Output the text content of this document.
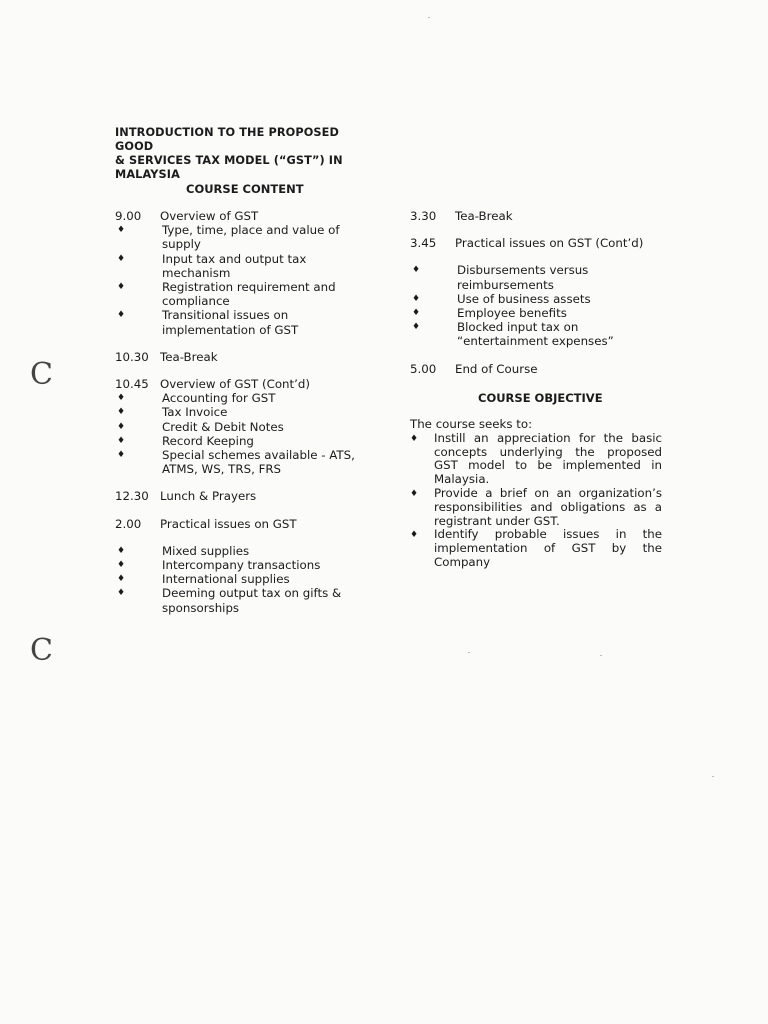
INTRODUCTION TO THE PROPOSED GOOD
& SERVICES TAX MODEL (“GST”) IN
MALAYSIA
COURSE CONTENT
9.00	Overview of GST
♦	Type, time, place and value of supply
♦	Input tax and output tax mechanism
♦	Registration requirement and compliance
♦	Transitional issues on implementation of GST
10.30 Tea-Break
10.45 Overview of GST (Cont’d)
♦	Accounting for GST
♦	Tax Invoice
♦	Credit & Debit Notes
♦	Record Keeping
♦	Special schemes available - ATS, ATMS, WS, TRS, FRS
12.30 Lunch & Prayers
2.00	Practical issues on GST
♦	Mixed supplies
♦	Intercompany transactions
♦	International supplies
♦	Deeming output tax on gifts & sponsorships
3.30	Tea-Break
3.45	Practical issues on GST (Cont’d)
♦	Disbursements versus reimbursements
♦	Use of business assets
♦	Employee benefits
♦	Blocked input tax on “entertainment expenses”
5.00	End of Course
COURSE OBJECTIVE
The course seeks to:
♦	Instill an appreciation for the basic concepts underlying the proposed GST model to be implemented in Malaysia.
♦	Provide a brief on an organization’s responsibilities and obligations as a registrant under GST.
♦	Identify probable issues in the implementation of GST by the Company
C
C
